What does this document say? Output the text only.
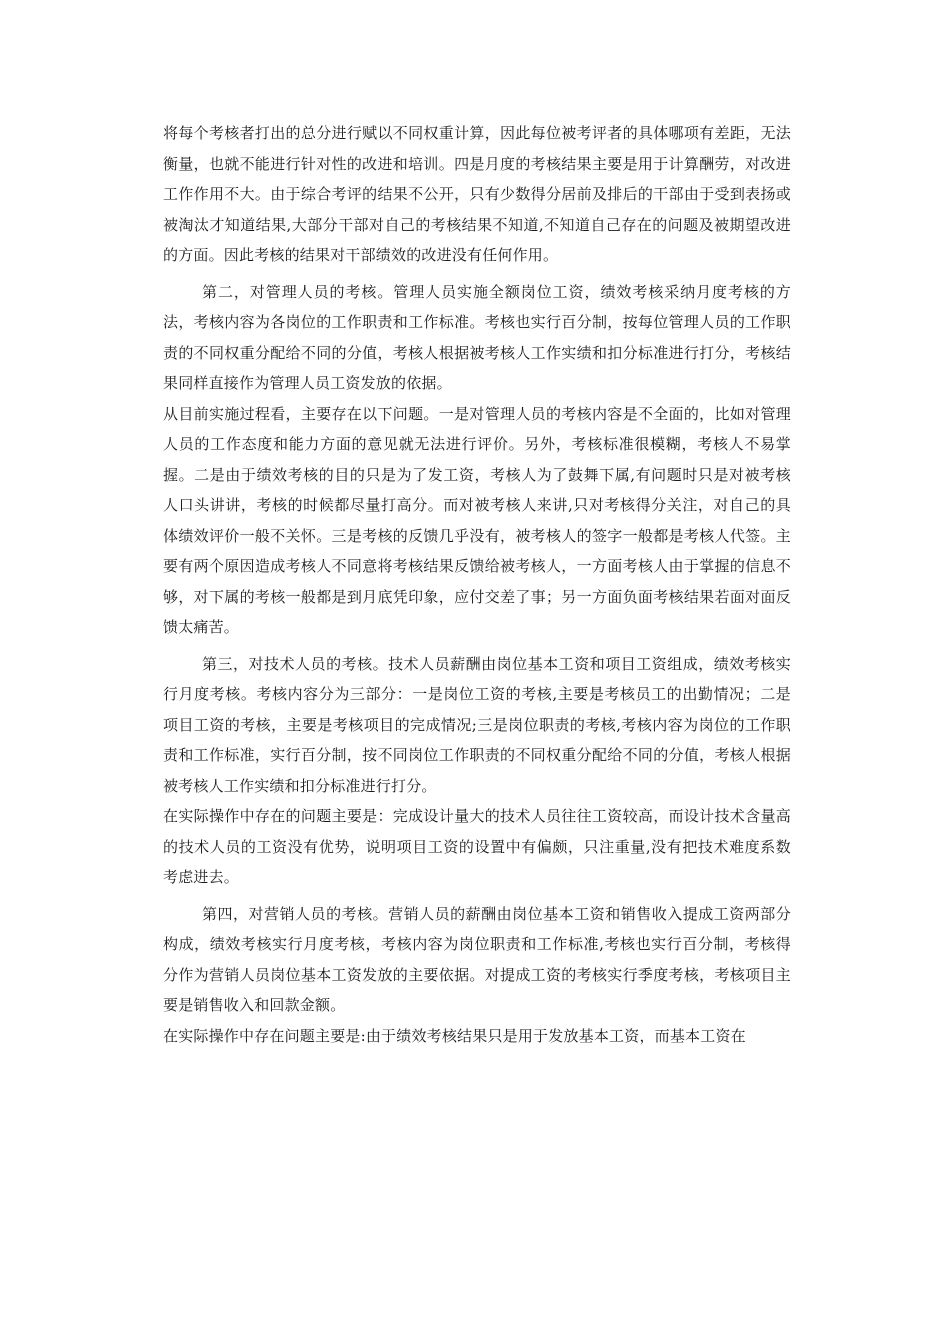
将每个考核者打出的总分进行赋以不同权重计算，因此每位被考评者的具体哪项有差距，无法衡量，也就不能进行针对性的改进和培训。四是月度的考核结果主要是用于计算酬劳，对改进工作作用不大。由于综合考评的结果不公开，只有少数得分居前及排后的干部由于受到表扬或被淘汰才知道结果,大部分干部对自己的考核结果不知道,不知道自己存在的问题及被期望改进的方面。因此考核的结果对干部绩效的改进没有任何作用。

第二，对管理人员的考核。管理人员实施全额岗位工资，绩效考核采纳月度考核的方法，考核内容为各岗位的工作职责和工作标准。考核也实行百分制，按每位管理人员的工作职责的不同权重分配给不同的分值，考核人根据被考核人工作实绩和扣分标准进行打分，考核结果同样直接作为管理人员工资发放的依据。

从目前实施过程看，主要存在以下问题。一是对管理人员的考核内容是不全面的，比如对管理人员的工作态度和能力方面的意见就无法进行评价。另外，考核标准很模糊，考核人不易掌握。二是由于绩效考核的目的只是为了发工资，考核人为了鼓舞下属,有问题时只是对被考核人口头讲讲，考核的时候都尽量打高分。而对被考核人来讲,只对考核得分关注，对自己的具体绩效评价一般不关怀。三是考核的反馈几乎没有，被考核人的签字一般都是考核人代签。主要有两个原因造成考核人不同意将考核结果反馈给被考核人，一方面考核人由于掌握的信息不够，对下属的考核一般都是到月底凭印象，应付交差了事；另一方面负面考核结果若面对面反馈太痛苦。

第三，对技术人员的考核。技术人员薪酬由岗位基本工资和项目工资组成，绩效考核实行月度考核。考核内容分为三部分：一是岗位工资的考核,主要是考核员工的出勤情况；二是项目工资的考核，主要是考核项目的完成情况;三是岗位职责的考核,考核内容为岗位的工作职责和工作标准，实行百分制，按不同岗位工作职责的不同权重分配给不同的分值，考核人根据被考核人工作实绩和扣分标准进行打分。

在实际操作中存在的问题主要是：完成设计量大的技术人员往往工资较高，而设计技术含量高的技术人员的工资没有优势，说明项目工资的设置中有偏颇，只注重量,没有把技术难度系数考虑进去。

第四，对营销人员的考核。营销人员的薪酬由岗位基本工资和销售收入提成工资两部分构成，绩效考核实行月度考核，考核内容为岗位职责和工作标准,考核也实行百分制，考核得分作为营销人员岗位基本工资发放的主要依据。对提成工资的考核实行季度考核，考核项目主要是销售收入和回款金额。

在实际操作中存在问题主要是:由于绩效考核结果只是用于发放基本工资，而基本工资在
